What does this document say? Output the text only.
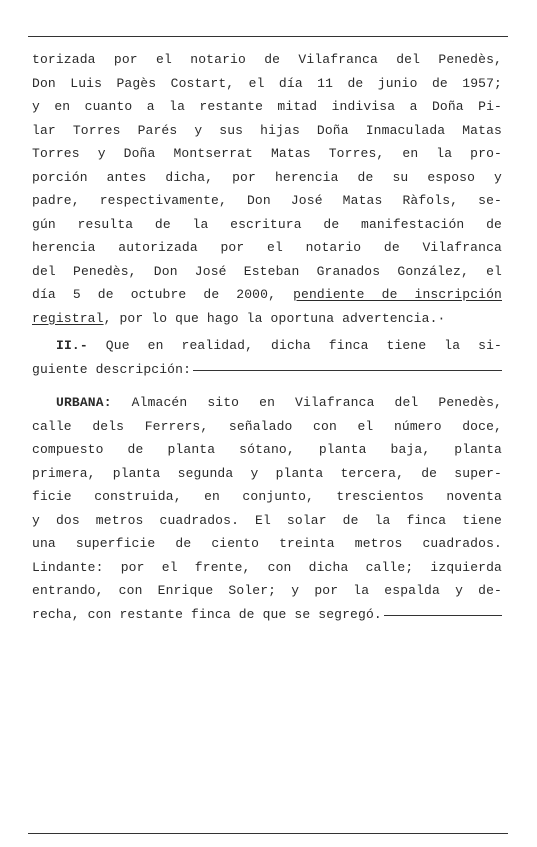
torizada por el notario de Vilafranca del Penedès,
Don Luis Pagès Costart, el día 11 de junio de 1957;
y en cuanto a la restante mitad indivisa a Doña Pi-
lar Torres Parés y sus hijas Doña Inmaculada Matas
Torres y Doña Montserrat Matas Torres, en la pro-
porción antes dicha, por herencia de su esposo y
padre, respectivamente, Don José Matas Ràfols, se-
gún resulta de la escritura de manifestación de
herencia autorizada por el notario de Vilafranca
del Penedès, Don José Esteban Granados González, el
día 5 de octubre de 2000, pendiente de inscripción
registral, por lo que hago la oportuna advertencia.·
II.- Que en realidad, dicha finca tiene la si-
guiente descripción:
URBANA: Almacén sito en Vilafranca del Penedès,
calle dels Ferrers, señalado con el número doce,
compuesto de planta sótano, planta baja, planta
primera, planta segunda y planta tercera, de super-
ficie construida, en conjunto, trescientos noventa
y dos metros cuadrados. El solar de la finca tiene
una superficie de ciento treinta metros cuadrados.
Lindante: por el frente, con dicha calle; izquierda
entrando, con Enrique Soler; y por la espalda y de-
recha, con restante finca de que se segregó.
